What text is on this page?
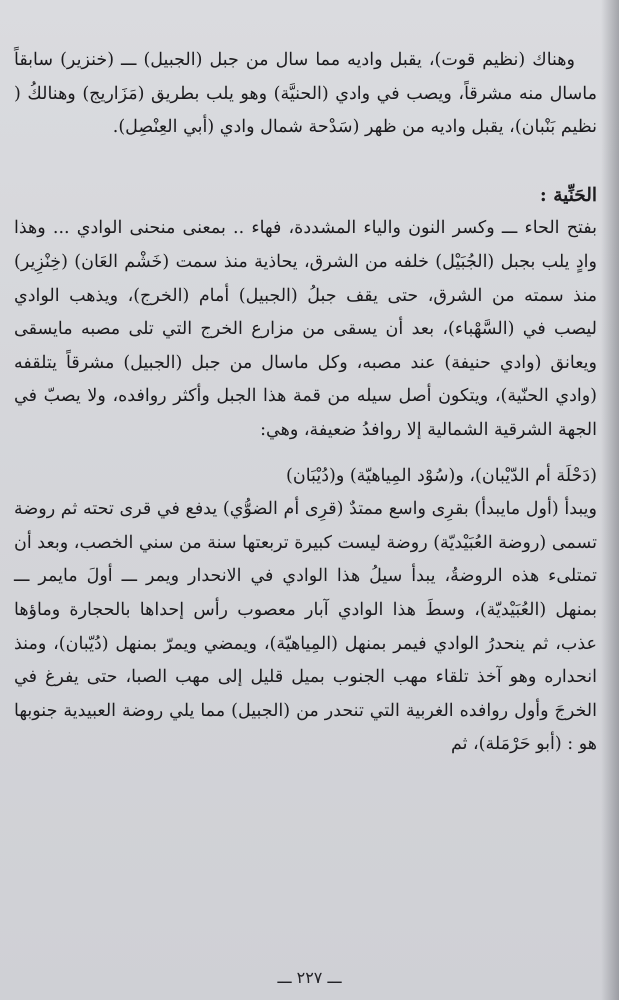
وهناك (نظيم قوت)، يقبل واديه مما سال من جبل (الجبيل) ـــ (خنزير) سابقاً ماسال منه مشرقاً، ويصب في وادي (الحنيَّة) وهو يلب بطريق (مَزَاريج) وهنالكُ ( نظيم بَنْبان)، يقبل واديه من ظهر (سَدْحة شمال وادي (أبي العِنْصِل).

الحَنِّية :

بفتح الحاء ـــ وكسر النون والياء المشددة، فهاء .. بمعنى منحنى الوادي ... وهذا وادٍ يلب بجبل (الجُبَيْل) خلفه من الشرق، يحاذية منذ سمت (خَشْم العَان) (خِنْزِير) منذ سمته من الشرق، حتى يقف جبلُ (الجبيل) أمام (الخرج)، ويذهب الوادي ليصب في (السَّهْباء)، بعد أن يسقى من مزارع الخرج التي تلى مصبه مايسقى ويعانق (وادي حنيفة) عند مصبه، وكل ماسال من جبل (الجبيل) مشرقاً يتلقفه (وادي الحنّية)، ويتكون أصل سيله من قمة هذا الجبل وأكثر روافده، ولا يصبّ في الجهة الشرقية الشمالية إلا روافدُ ضعيفة، وهي:

(دَحْلَة أم الدّيْبان)، و(سُوْد المِياهيّة) و(دُيْبَان)

ويبدأ (أول مايبدأ) بقرِى واسع ممتدٌ (قرِى أم الضوُّي) يدفع في قرى تحته ثم روضة تسمى (روضة العُبَيْديّة) روضة ليست كبيرة تربعتها سنة من سني الخصب، وبعد أن تمتلىء هذه الروضةُ، يبدأ سيلُ هذا الوادي في الانحدار ويمر ـــ أولَ مايمر ـــ بمنهل (العُبَيْديّة)، وسطَ هذا الوادي آبار معصوب رأس إحداها بالحجارة وماؤها عذب، ثم ينحدرُ الوادي فيمر بمنهل (المِياهيّة)، ويمضي ويمرّ بمنهل (دُيّبان)، ومنذ انحداره وهو آخذ تلقاء مهب الجنوب بميل قليل إلى مهب الصبا، حتى يفرغ في الخرجَ وأول روافده الغربية التي تنحدر من (الجبيل) مما يلي روضة العبيدية جنوبها هو : (أبو حَرْمَلة)، ثم

ـــ ٢٢٧ ـــ
